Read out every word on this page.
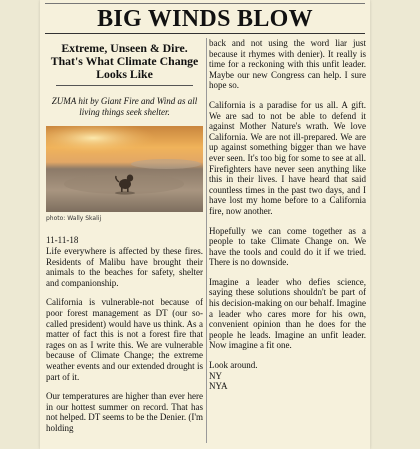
BIG WINDS BLOW
Extreme, Unseen & Dire. That's What Climate Change Looks Like
ZUMA hit by Giant Fire and Wind as all living things seek shelter.
photo: Wally Skalij
11-11-18

Life everywhere is affected by these fires. Residents of Malibu have brought their animals to the beaches for safety, shelter and companionship.

California is vulnerable-not because of poor forest management as DT (our so-called president) would have us think. As a matter of fact this is not a forest fire that rages on as I write this. We are vulnerable because of Climate Change; the extreme weather events and our extended drought is part of it.

Our temperatures are higher than ever here in our hottest summer on record. That has not helped. DT seems to be the Denier. (I'm holding

back and not using the word liar just because it rhymes with denier). It really is time for a reckoning with this unfit leader. Maybe our new Congress can help. I sure hope so.

California is a paradise for us all. A gift. We are sad to not be able to defend it against Mother Nature's wrath. We love California. We are not ill-prepared. We are up against something bigger than we have ever seen. It's too big for some to see at all. Firefighters have never seen anything like this in their lives. I have heard that said countless times in the past two days, and I have lost my home before to a California fire, now another.

Hopefully we can come together as a people to take Climate Change on. We have the tools and could do it if we tried. There is no downside.

Imagine a leader who defies science, saying these solutions shouldn't be part of his decision-making on our behalf. Imagine a leader who cares more for his own, convenient opinion than he does for the people he leads. Imagine an unfit leader. Now imagine a fit one.

Look around.
NY
NYA
